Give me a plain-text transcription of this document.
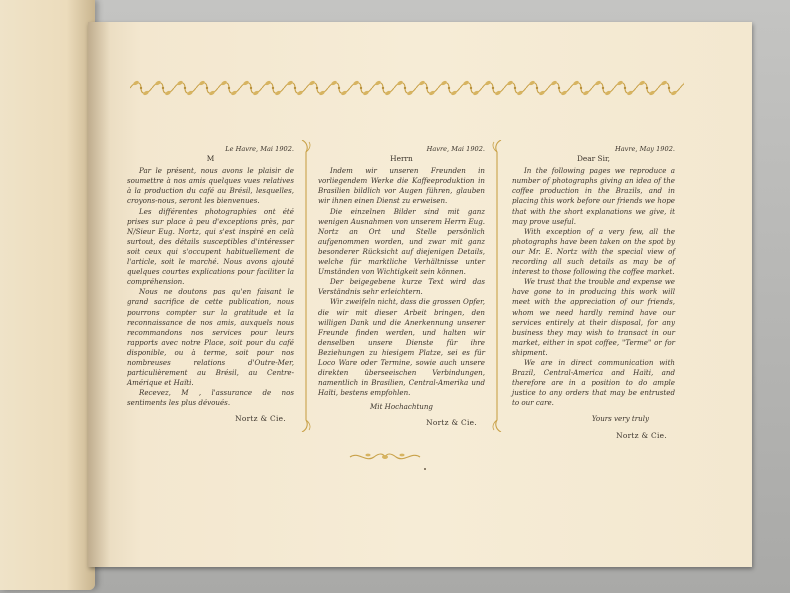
Le Havre, Mai 1902.

M

Par le présent, nous avons le plaisir de soumettre à nos amis quelques vues relatives à la production du café au Brésil, lesquelles, croyons-nous, seront les bienvenues.

Les différentes photographies ont été prises sur place à peu d'exceptions près, par N/Sieur Eug. Nortz, qui s'est inspiré en celà surtout, des détails susceptibles d'intéresser soit ceux qui s'occupent habituellement de l'article, soit le marché. Nous avons ajouté quelques courtes explications pour faciliter la compréhension.

Nous ne doutons pas qu'en faisant le grand sacrifice de cette publication, nous pourrons compter sur la gratitude et la reconnaissance de nos amis, auxquels nous recommandons nos services pour leurs rapports avec notre Place, soit pour du café disponible, ou à terme, soit pour nos nombreuses relations d'Outre-Mer, particulièrement au Brésil, au Centre-Amérique et Haïti.

Recevez, M , l'assurance de nos sentiments les plus dévoués.

Nortz & Cie.

Havre, Mai 1902.

Herrn

Indem wir unseren Freunden in vorliegendem Werke die Kaffeeproduktion in Brasilien bildlich vor Augen führen, glauben wir ihnen einen Dienst zu erweisen.

Die einzelnen Bilder sind mit ganz wenigen Ausnahmen von unserem Herrn Eug. Nortz an Ort und Stelle persönlich aufgenommen worden, und zwar mit ganz besonderer Rücksicht auf diejenigen Details, welche für marktliche Verhältnisse unter Umständen von Wichtigkeit sein können.

Der beigegebene kurze Text wird das Verständnis sehr erleichtern.

Wir zweifeln nicht, dass die grossen Opfer, die wir mit dieser Arbeit bringen, den willigen Dank und die Anerkennung unserer Freunde finden werden, und halten wir denselben unsere Dienste für ihre Beziehungen zu hiesigem Platze, sei es für Loco Ware oder Termine, sowie auch unsere direkten überseeischen Verbindungen, namentlich in Brasilien, Central-Amerika und Haïti, bestens empfohlen.

Mit Hochachtung

Nortz & Cie.

Havre, May 1902.

Dear Sir,

In the following pages we reproduce a number of photographs giving an idea of the coffee production in the Brazils, and in placing this work before our friends we hope that with the short explanations we give, it may prove useful.

With exception of a very few, all the photographs have been taken on the spot by our Mr. E. Nortz with the special view of recording all such details as may be of interest to those following the coffee market.

We trust that the trouble and expense we have gone to in producing this work will meet with the appreciation of our friends, whom we need hardly remind have our services entirely at their disposal, for any business they may wish to transact in our market, either in spot coffee, "Terme" or for shipment.

We are in direct communication with Brazil, Central-America and Haïti, and therefore are in a position to do ample justice to any orders that may be entrusted to our care.

Yours very truly

Nortz & Cie.
